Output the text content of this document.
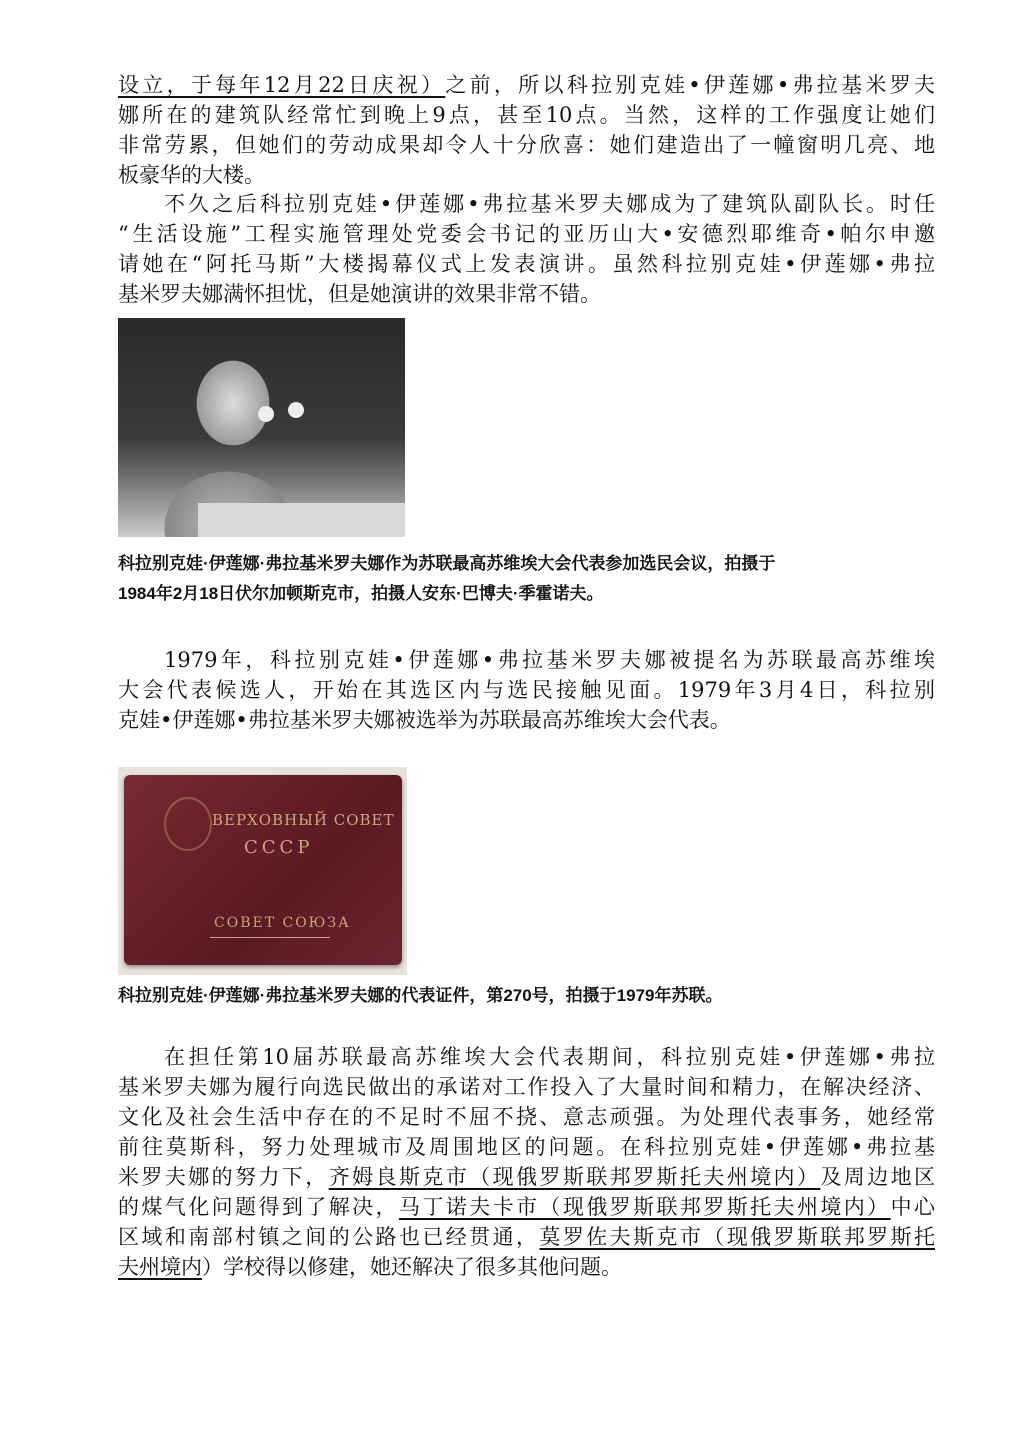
设立，于每年12月22日庆祝）之前，所以科拉别克娃•伊莲娜•弗拉基米罗夫
娜所在的建筑队经常忙到晚上9点，甚至10点。当然，这样的工作强度让她们
非常劳累，但她们的劳动成果却令人十分欣喜：她们建造出了一幢窗明几亮、地
板豪华的大楼。
不久之后科拉别克娃•伊莲娜•弗拉基米罗夫娜成为了建筑队副队长。时任
“生活设施”工程实施管理处党委会书记的亚历山大•安德烈耶维奇•帕尔申邀
请她在“阿托马斯”大楼揭幕仪式上发表演讲。虽然科拉别克娃•伊莲娜•弗拉
基米罗夫娜满怀担忧，但是她演讲的效果非常不错。
科拉别克娃·伊莲娜·弗拉基米罗夫娜作为苏联最高苏维埃大会代表参加选民会议，拍摄于
1984年2月18日伏尔加顿斯克市，拍摄人安东·巴博夫·季霍诺夫。
1979年，科拉别克娃•伊莲娜•弗拉基米罗夫娜被提名为苏联最高苏维埃
大会代表候选人，开始在其选区内与选民接触见面。1979年3月4日，科拉别
克娃•伊莲娜•弗拉基米罗夫娜被选举为苏联最高苏维埃大会代表。
ВЕРХОВНЫЙ СОВЕТ
СССР
СОВЕТ СОЮЗА
科拉别克娃·伊莲娜·弗拉基米罗夫娜的代表证件，第270号，拍摄于1979年苏联。
在担任第10届苏联最高苏维埃大会代表期间，科拉别克娃•伊莲娜•弗拉
基米罗夫娜为履行向选民做出的承诺对工作投入了大量时间和精力，在解决经济、
文化及社会生活中存在的不足时不屈不挠、意志顽强。为处理代表事务，她经常
前往莫斯科，努力处理城市及周围地区的问题。在科拉别克娃•伊莲娜•弗拉基
米罗夫娜的努力下，齐姆良斯克市（现俄罗斯联邦罗斯托夫州境内）及周边地区
的煤气化问题得到了解决，马丁诺夫卡市（现俄罗斯联邦罗斯托夫州境内）中心
区域和南部村镇之间的公路也已经贯通，莫罗佐夫斯克市（现俄罗斯联邦罗斯托
夫州境内）学校得以修建，她还解决了很多其他问题。
